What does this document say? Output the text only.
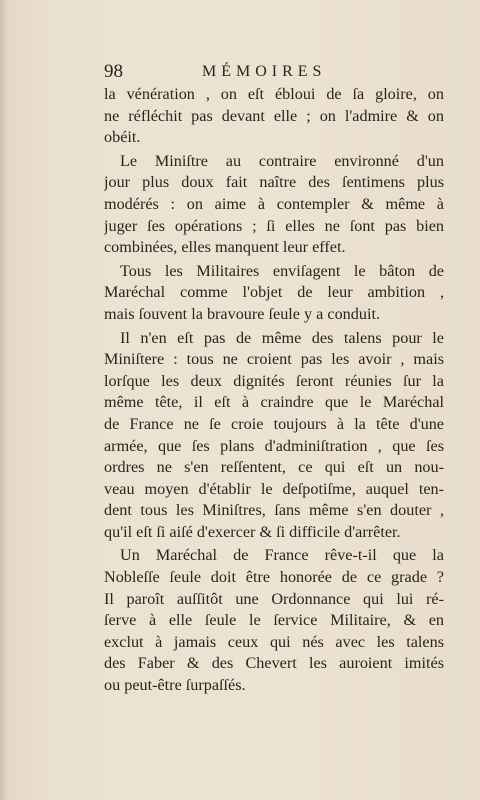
98	MÉMOIRES

la vénération , on eſt ébloui de ſa gloire, on
ne réfléchit pas devant elle ; on l'admire & on
obéit.

Le Miniſtre au contraire environné d'un
jour plus doux fait naître des ſentimens plus
modérés : on aime à contempler & même à
juger ſes opérations ; ſi elles ne ſont pas bien
combinées, elles manquent leur effet.

Tous les Militaires enviſagent le bâton de
Maréchal comme l'objet de leur ambition ,
mais ſouvent la bravoure ſeule y a conduit.

Il n'en eſt pas de même des talens pour le
Miniſtere : tous ne croient pas les avoir , mais
lorſque les deux dignités ſeront réunies ſur la
même tête, il eſt à craindre que le Maréchal
de France ne ſe croie toujours à la tête d'une
armée, que ſes plans d'adminiſtration , que ſes
ordres ne s'en reſſentent, ce qui eſt un nou-
veau moyen d'établir le deſpotiſme, auquel ten-
dent tous les Miniſtres, ſans même s'en douter ,
qu'il eſt ſi aiſé d'exercer & ſi difficile d'arrêter.

Un Maréchal de France rêve-t-il que la
Nobleſſe ſeule doit être honorée de ce grade ?
Il paroît auſſitôt une Ordonnance qui lui ré-
ſerve à elle ſeule le ſervice Militaire, & en
exclut à jamais ceux qui nés avec les talens
des Faber & des Chevert les auroient imités
ou peut-être ſurpaſſés.
